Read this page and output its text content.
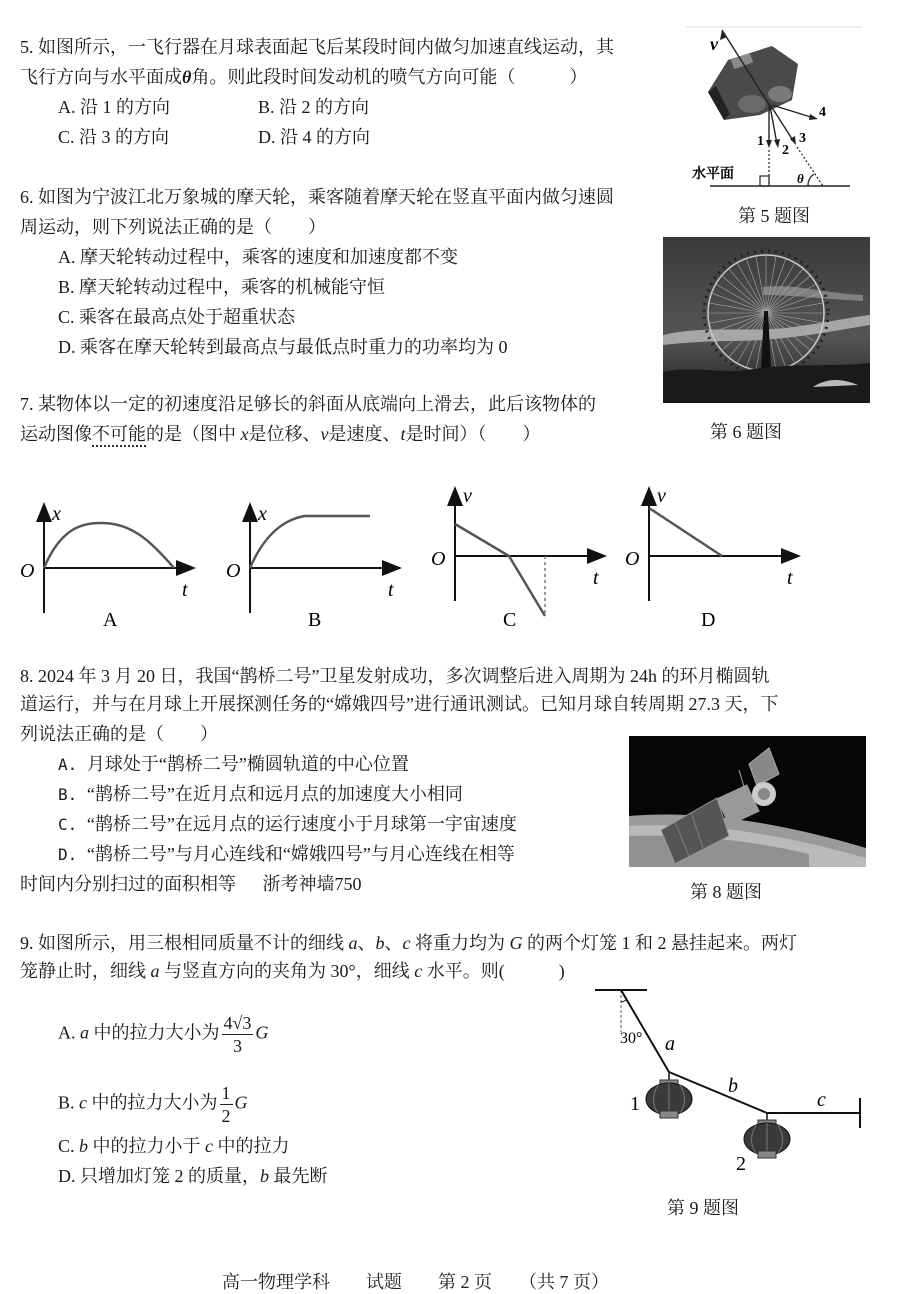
5. 如图所示，一飞行器在月球表面起飞后某段时间内做匀加速直线运动，其
飞行方向与水平面成θ角。则此段时间发动机的喷气方向可能（　　　）
A. 沿 1 的方向	B. 沿 2 的方向
C. 沿 3 的方向	D. 沿 4 的方向
v
1
2
3
4
水平面	θ
第 5 题图
6. 如图为宁波江北万象城的摩天轮，乘客随着摩天轮在竖直平面内做匀速圆
周运动，则下列说法正确的是（　　）
A. 摩天轮转动过程中，乘客的速度和加速度都不变
B. 摩天轮转动过程中，乘客的机械能守恒
C. 乘客在最高点处于超重状态
D. 乘客在摩天轮转到最高点与最低点时重力的功率均为 0
第 6 题图
7. 某物体以一定的初速度沿足够长的斜面从底端向上滑去，此后该物体的
运动图像不可能的是（图中 x是位移、v是速度、t是时间）（　　）
x
O
t
A
x
O
t
B
v
O
t
C
v
O
t
D
8. 2024 年 3 月 20 日，我国“鹊桥二号”卫星发射成功，多次调整后进入周期为 24h 的环月椭圆轨
道运行，并与在月球上开展探测任务的“嫦娥四号”进行通讯测试。已知月球自转周期 27.3 天，下
列说法正确的是（　　）
A. 月球处于“鹊桥二号”椭圆轨道的中心位置
B. “鹊桥二号”在近月点和远月点的加速度大小相同
C. “鹊桥二号”在远月点的运行速度小于月球第一宇宙速度
D. “鹊桥二号”与月心连线和“嫦娥四号”与月心连线在相等
时间内分别扫过的面积相等 浙考神墙750	第 8 题图
9. 如图所示，用三根相同质量不计的细线 a、b、c 将重力均为 G 的两个灯笼 1 和 2 悬挂起来。两灯
笼静止时，细线 a 与竖直方向的夹角为 30°，细线 c 水平。则(　　　)
A. a 中的拉力大小为 $\frac{4√3}{3}$ G
B. c 中的拉力大小为 $\frac{1}{2}$ G
C. b 中的拉力小于 c 中的拉力
D. 只增加灯笼 2 的质量，b 最先断
30° a
b
c
1
2
第 9 题图
高一物理学科　　试题　　第 2 页　　（共 7 页）
